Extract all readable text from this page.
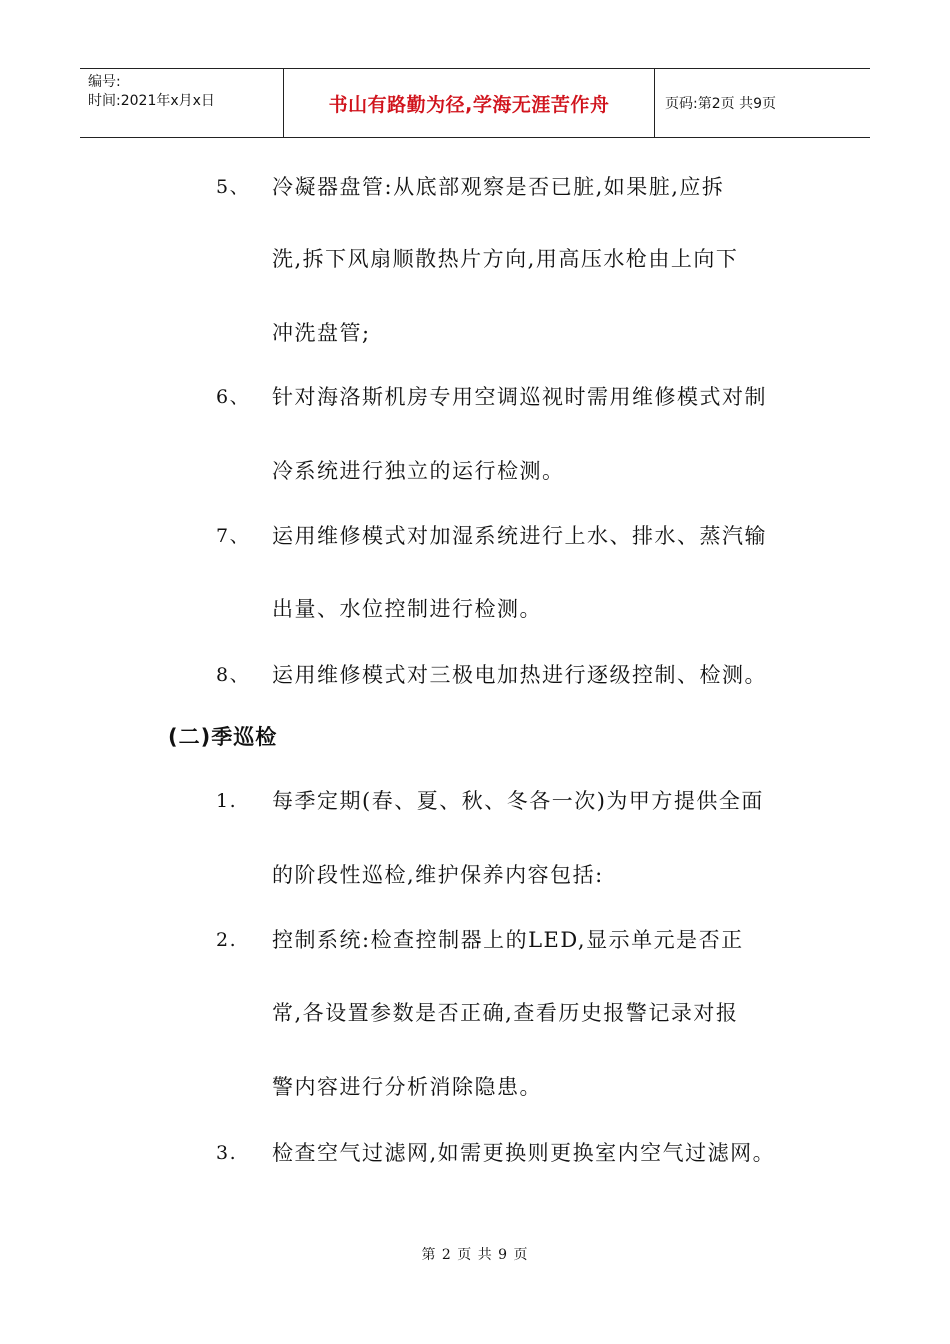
编号:
时间:2021年x月x日	书山有路勤为径,学海无涯苦作舟	页码:第2页 共9页
5、 冷凝器盘管:从底部观察是否已脏,如果脏,应拆
洗,拆下风扇顺散热片方向,用高压水枪由上向下
冲洗盘管;
6、 针对海洛斯机房专用空调巡视时需用维修模式对制
冷系统进行独立的运行检测。
7、 运用维修模式对加湿系统进行上水、排水、蒸汽输
出量、水位控制进行检测。
8、 运用维修模式对三极电加热进行逐级控制、检测。
(二)季巡检
1. 每季定期(春、夏、秋、冬各一次)为甲方提供全面
的阶段性巡检,维护保养内容包括:
2. 控制系统:检查控制器上的LED,显示单元是否正
常,各设置参数是否正确,查看历史报警记录对报
警内容进行分析消除隐患。
3. 检查空气过滤网,如需更换则更换室内空气过滤网。
第 2 页 共 9 页
